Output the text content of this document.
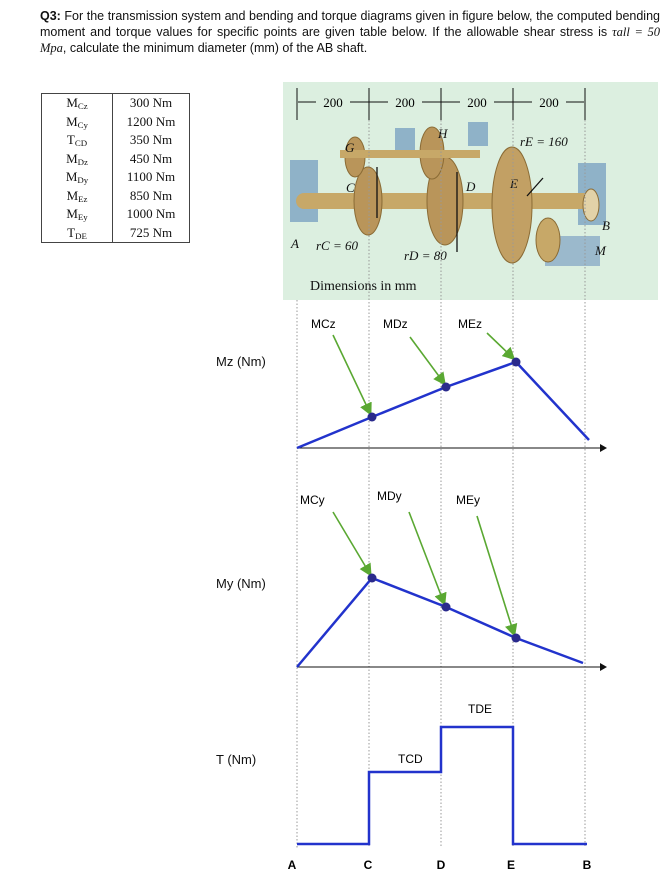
Q3: For the transmission system and bending and torque diagrams given in figure below, the computed bending moment and torque values for specific points are given table below. If the allowable shear stress is τall = 50 Mpa, calculate the minimum diameter (mm) of the AB shaft.
$M_{Cz}$	300 Nm
$M_{Cy}$	1200 Nm
$T_{CD}$	350 Nm
$M_{Dz}$	450 Nm
$M_{Dy}$	1100 Nm
$M_{Ez}$	850 Nm
$M_{Ey}$	1000 Nm
$T_{DE}$	725 Nm
200	200	200	200
A
B
C	D	E
G
H
M
rC = 60
rD = 80
rE = 160
Dimensions in mm
MCz	MDz	MEz
MCy	MDy	MEy
TDE
TCD
A	C	D	E	B
Mz (Nm)
My (Nm)
T (Nm)
